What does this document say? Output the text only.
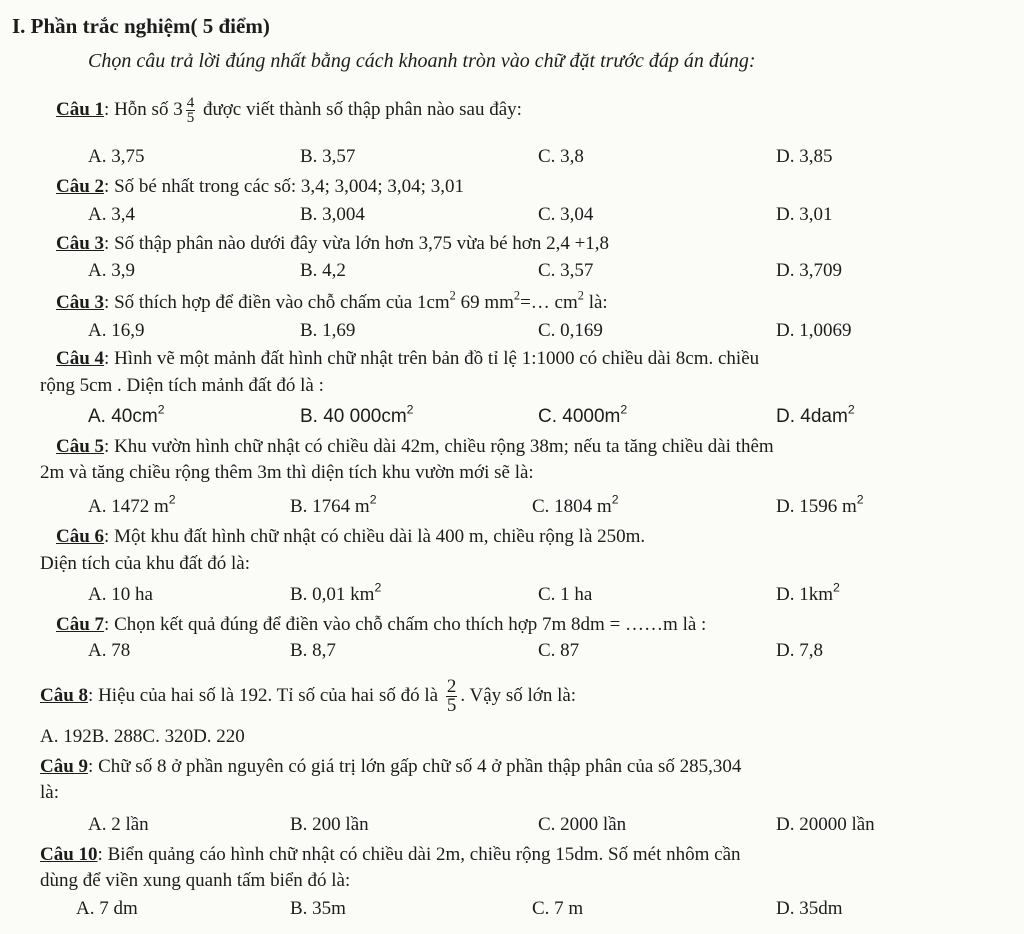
I. Phần trắc nghiệm( 5 điểm)
Chọn câu trả lời đúng nhất bằng cách khoanh tròn vào chữ đặt trước đáp án đúng:
Câu 1: Hỗn số $3 \frac{4}{5}$ được viết thành số thập phân nào sau đây:
A. 3,75	B. 3,57	C. 3,8	D. 3,85
Câu 2: Số bé nhất trong các số: 3,4; 3,004; 3,04; 3,01
A. 3,4	B. 3,004	C. 3,04	D. 3,01
Câu 3: Số thập phân nào dưới đây vừa lớn hơn 3,75 vừa bé hơn 2,4 +1,8
A. 3,9	B. 4,2	C. 3,57	D. 3,709
Câu 3: Số thích hợp để điền vào chỗ chấm của $1cm^2$ 69 $mm^2=\dots$ $cm^2$ là:
A. 16,9	B. 1,69	C. 0,169	D. 1,0069
Câu 4: Hình vẽ một mảnh đất hình chữ nhật trên bản đồ tỉ lệ 1:1000 có chiều dài 8cm. chiều
rộng 5cm . Diện tích mảnh đất đó là :
A. $40cm^2$	B. 40 $000cm^2$	C. $4000m^2$	D. 4dam$^2$
Câu 5: Khu vườn hình chữ nhật có chiều dài 42m, chiều rộng 38m; nếu ta tăng chiều dài thêm
2m và tăng chiều rộng thêm 3m thì diện tích khu vườn mới sẽ là:
A. 1472 $m^2$	B. 1764 $m^2$	C. 1804 $m^2$	D. 1596 $m^2$
Câu 6: Một khu đất hình chữ nhật có chiều dài là 400 m, chiều rộng là 250m.
Diện tích của khu đất đó là:
A. 10 ha	B. 0,01 $km^2$	C. 1 ha	D. $1km^2$
Câu 7: Chọn kết quả đúng để điền vào chỗ chấm cho thích hợp 7m 8dm = ……m là :
A. 78	B. 8,7	C. 87	D. 7,8
Câu 8: Hiệu của hai số là 192. Tỉ số của hai số đó là $\frac{2}{5}$ . Vậy số lớn là:
A. 192B. 288C. 320D. 220
Câu 9: Chữ số 8 ở phần nguyên có giá trị lớn gấp chữ số 4 ở phần thập phân của số 285,304
là:
A. 2 lần	B. 200 lần	C. 2000 lần	D. 20000 lần
Câu 10: Biển quảng cáo hình chữ nhật có chiều dài 2m, chiều rộng 15dm. Số mét nhôm cần
dùng để viền xung quanh tấm biển đó là:
A. 7 dm	B. 35m	C. 7 m	D. 35dm
